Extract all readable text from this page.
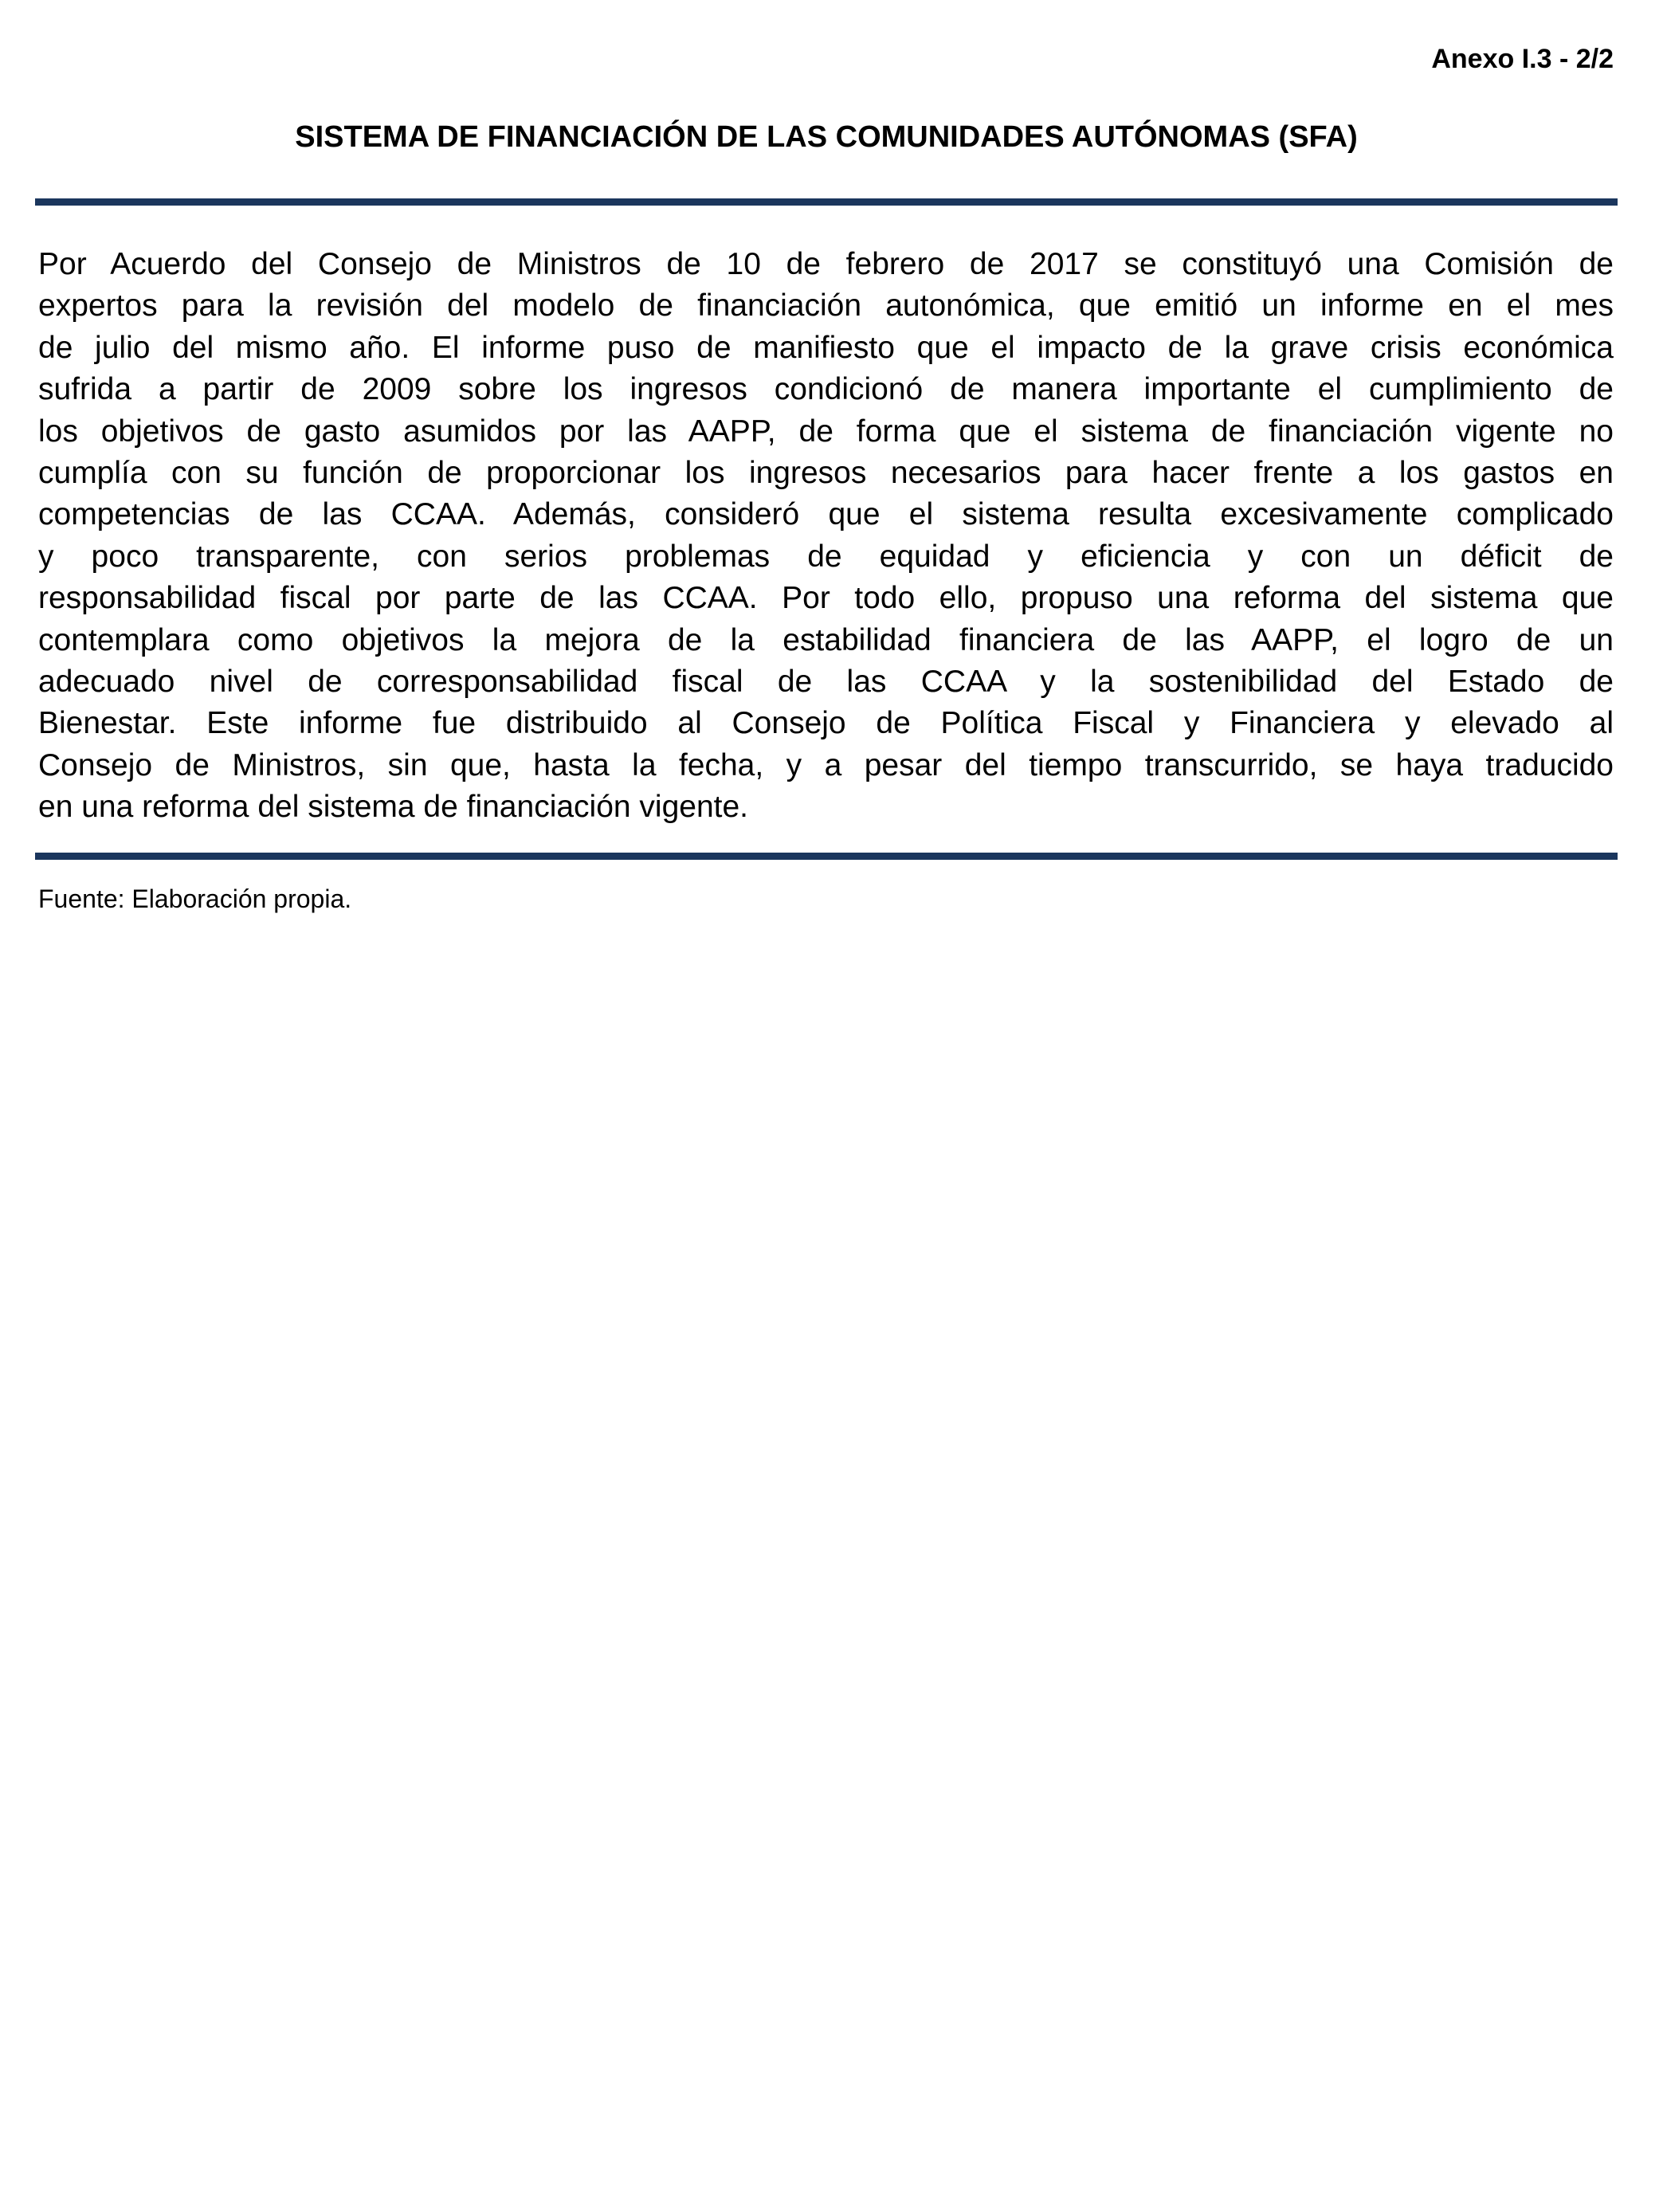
Anexo I.3 - 2/2
SISTEMA DE FINANCIACIÓN DE LAS COMUNIDADES AUTÓNOMAS (SFA)
Por Acuerdo del Consejo de Ministros de 10 de febrero de 2017 se constituyó una Comisión de
expertos para la revisión del modelo de financiación autonómica, que emitió un informe en el mes
de julio del mismo año. El informe puso de manifiesto que el impacto de la grave crisis económica
sufrida a partir de 2009 sobre los ingresos condicionó de manera importante el cumplimiento de
los objetivos de gasto asumidos por las AAPP, de forma que el sistema de financiación vigente no
cumplía con su función de proporcionar los ingresos necesarios para hacer frente a los gastos en
competencias de las CCAA. Además, consideró que el sistema resulta excesivamente complicado
y poco transparente, con serios problemas de equidad y eficiencia y con un déficit de
responsabilidad fiscal por parte de las CCAA. Por todo ello, propuso una reforma del sistema que
contemplara como objetivos la mejora de la estabilidad financiera de las AAPP, el logro de un
adecuado nivel de corresponsabilidad fiscal de las CCAA y la sostenibilidad del Estado de
Bienestar. Este informe fue distribuido al Consejo de Política Fiscal y Financiera y elevado al
Consejo de Ministros, sin que, hasta la fecha, y a pesar del tiempo transcurrido, se haya traducido
en una reforma del sistema de financiación vigente.
Fuente: Elaboración propia.
